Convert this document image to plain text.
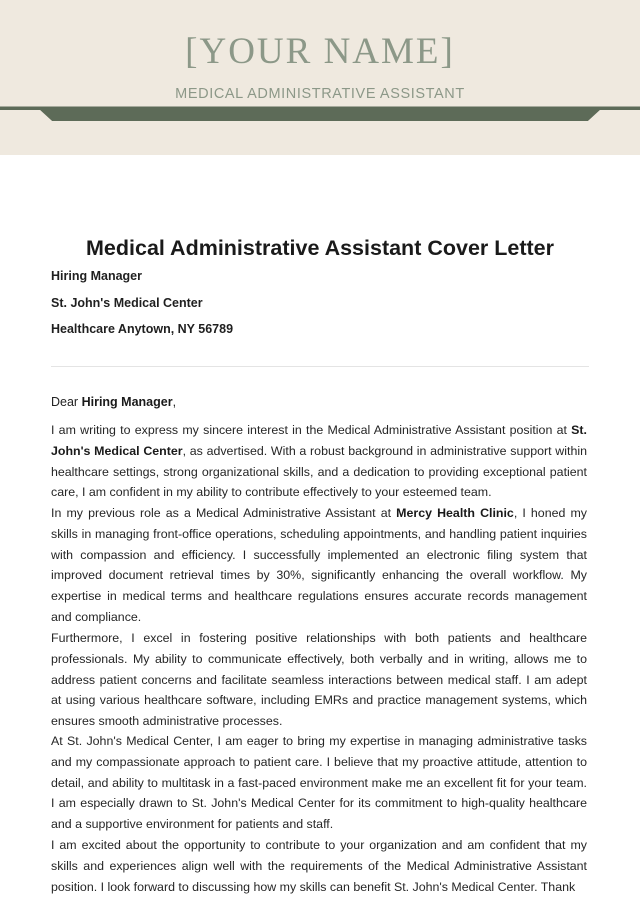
[YOUR NAME]
MEDICAL ADMINISTRATIVE ASSISTANT
Medical Administrative Assistant Cover Letter
Hiring Manager
St. John's Medical Center
Healthcare Anytown, NY 56789
Dear Hiring Manager,
I am writing to express my sincere interest in the Medical Administrative Assistant position at St. John's Medical Center, as advertised. With a robust background in administrative support within healthcare settings, strong organizational skills, and a dedication to providing exceptional patient care, I am confident in my ability to contribute effectively to your esteemed team.
In my previous role as a Medical Administrative Assistant at Mercy Health Clinic, I honed my skills in managing front-office operations, scheduling appointments, and handling patient inquiries with compassion and efficiency. I successfully implemented an electronic filing system that improved document retrieval times by 30%, significantly enhancing the overall workflow. My expertise in medical terms and healthcare regulations ensures accurate records management and compliance.
Furthermore, I excel in fostering positive relationships with both patients and healthcare professionals. My ability to communicate effectively, both verbally and in writing, allows me to address patient concerns and facilitate seamless interactions between medical staff. I am adept at using various healthcare software, including EMRs and practice management systems, which ensures smooth administrative processes.
At St. John's Medical Center, I am eager to bring my expertise in managing administrative tasks and my compassionate approach to patient care. I believe that my proactive attitude, attention to detail, and ability to multitask in a fast-paced environment make me an excellent fit for your team. I am especially drawn to St. John's Medical Center for its commitment to high-quality healthcare and a supportive environment for patients and staff.
I am excited about the opportunity to contribute to your organization and am confident that my skills and experiences align well with the requirements of the Medical Administrative Assistant position. I look forward to discussing how my skills can benefit St. John's Medical Center. Thank
